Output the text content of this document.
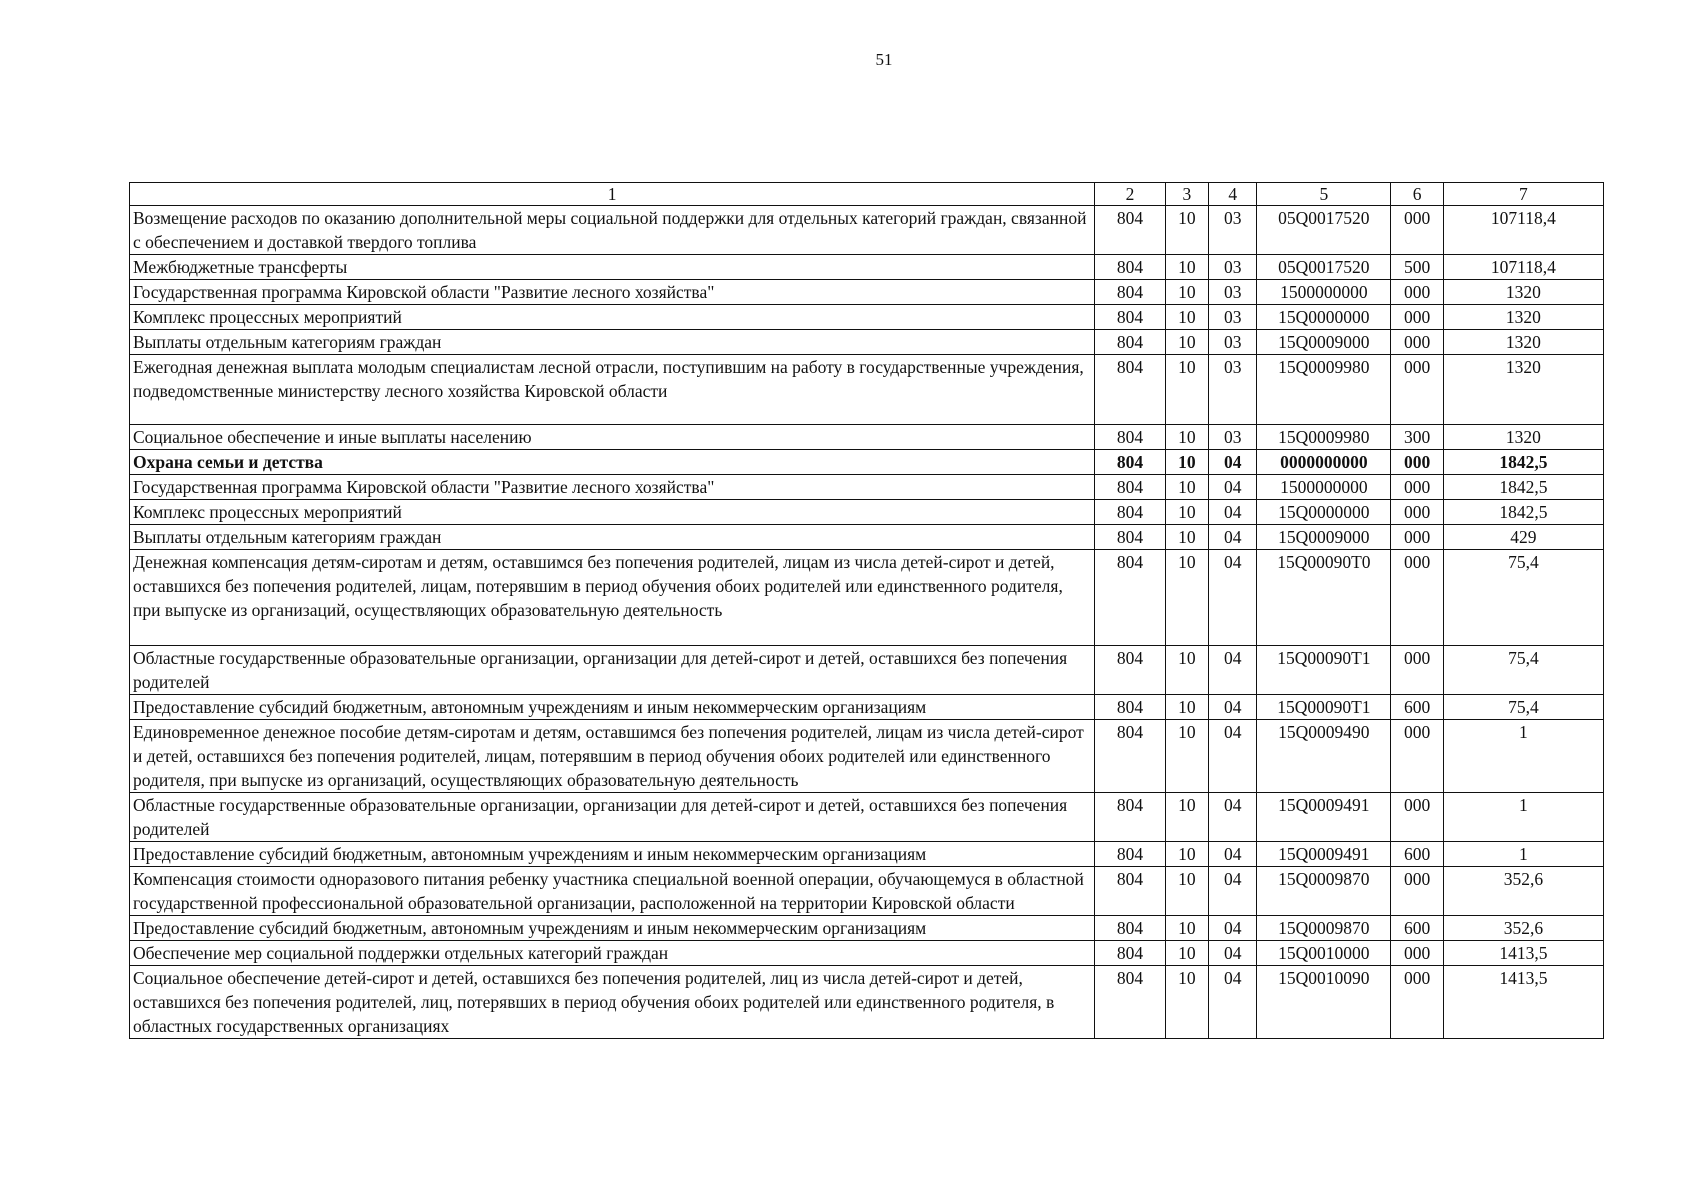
51
1	2	3	4	5	6	7
Возмещение расходов по оказанию дополнительной меры социальной поддержки для отдельных категорий граждан, связанной с обеспечением и доставкой твердого топлива	804	10	03	05Q0017520	000	107118,4
Межбюджетные трансферты	804	10	03	05Q0017520	500	107118,4
Государственная программа Кировской области "Развитие лесного хозяйства"	804	10	03	1500000000	000	1320
Комплекс процессных мероприятий	804	10	03	15Q0000000	000	1320
Выплаты отдельным категориям граждан	804	10	03	15Q0009000	000	1320
Ежегодная денежная выплата молодым специалистам лесной отрасли, поступившим на работу в государственные учреждения, подведомственные министерству лесного хозяйства Кировской области	804	10	03	15Q0009980	000	1320
Социальное обеспечение и иные выплаты населению	804	10	03	15Q0009980	300	1320
Охрана семьи и детства	804	10	04	0000000000	000	1842,5
Государственная программа Кировской области "Развитие лесного хозяйства"	804	10	04	1500000000	000	1842,5
Комплекс процессных мероприятий	804	10	04	15Q0000000	000	1842,5
Выплаты отдельным категориям граждан	804	10	04	15Q0009000	000	429
Денежная компенсация детям-сиротам и детям, оставшимся без попечения родителей, лицам из числа детей-сирот и детей, оставшихся без попечения родителей, лицам, потерявшим в период обучения обоих родителей или единственного родителя, при выпуске из организаций, осуществляющих образовательную деятельность	804	10	04	15Q00090T0	000	75,4
Областные государственные образовательные организации, организации для детей-сирот и детей, оставшихся без попечения родителей	804	10	04	15Q00090T1	000	75,4
Предоставление субсидий бюджетным, автономным учреждениям и иным некоммерческим организациям	804	10	04	15Q00090T1	600	75,4
Единовременное денежное пособие детям-сиротам и детям, оставшимся без попечения родителей, лицам из числа детей-сирот и детей, оставшихся без попечения родителей, лицам, потерявшим в период обучения обоих родителей или единственного родителя, при выпуске из организаций, осуществляющих образовательную деятельность	804	10	04	15Q0009490	000	1
Областные государственные образовательные организации, организации для детей-сирот и детей, оставшихся без попечения родителей	804	10	04	15Q0009491	000	1
Предоставление субсидий бюджетным, автономным учреждениям и иным некоммерческим организациям	804	10	04	15Q0009491	600	1
Компенсация стоимости одноразового питания ребенку участника специальной военной операции, обучающемуся в областной государственной профессиональной образовательной организации, расположенной на территории Кировской области	804	10	04	15Q0009870	000	352,6
Предоставление субсидий бюджетным, автономным учреждениям и иным некоммерческим организациям	804	10	04	15Q0009870	600	352,6
Обеспечение мер социальной поддержки отдельных категорий граждан	804	10	04	15Q0010000	000	1413,5
Социальное обеспечение детей-сирот и детей, оставшихся без попечения родителей, лиц из числа детей-сирот и детей, оставшихся без попечения родителей, лиц, потерявших в период обучения обоих родителей или единственного родителя, в областных государственных организациях	804	10	04	15Q0010090	000	1413,5
